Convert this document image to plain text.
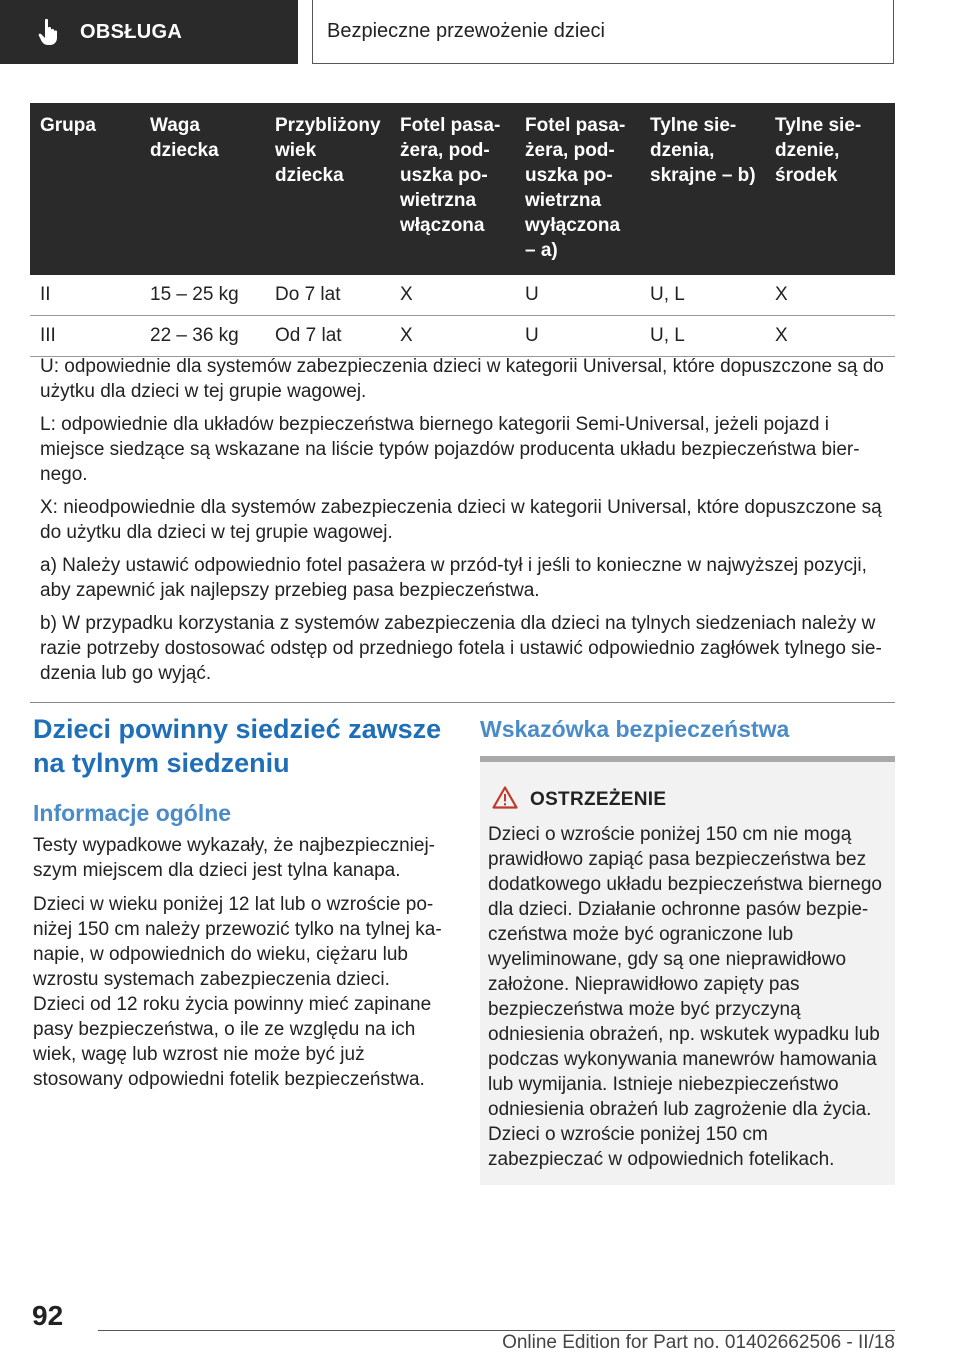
OBSŁUGA	Bezpieczne przewożenie dzieci
Grupa	Waga dziecka	Przybliżony wiek dziecka	Fotel pasażera, poduszka powietrzna włączona	Fotel pasażera, poduszka powietrzna wyłączona – a)	Tylne siedzenia, skrajne – b)	Tylne siedzenie, środek
II	15 – 25 kg	Do 7 lat	X	U	U, L	X
III	22 – 36 kg	Od 7 lat	X	U	U, L	X

U: odpowiednie dla systemów zabezpieczenia dzieci w kategorii Universal, które dopuszczone są do użytku dla dzieci w tej grupie wagowej.

L: odpowiednie dla układów bezpieczeństwa biernego kategorii Semi-Universal, jeżeli pojazd i miejsce siedzące są wskazane na liście typów pojazdów producenta układu bezpieczeństwa biernego.

X: nieodpowiednie dla systemów zabezpieczenia dzieci w kategorii Universal, które dopuszczone są do użytku dla dzieci w tej grupie wagowej.

a) Należy ustawić odpowiednio fotel pasażera w przód-tył i jeśli to konieczne w najwyższej pozycji, aby zapewnić jak najlepszy przebieg pasa bezpieczeństwa.

b) W przypadku korzystania z systemów zabezpieczenia dla dzieci na tylnych siedzeniach należy w razie potrzeby dostosować odstęp od przedniego fotela i ustawić odpowiednio zagłówek tylnego siedzenia lub go wyjąć.

Dzieci powinny siedzieć zawsze na tylnym siedzeniu
Informacje ogólne

Testy wypadkowe wykazały, że najbezpieczniejszym miejscem dla dzieci jest tylna kanapa.

Dzieci w wieku poniżej 12 lat lub o wzroście poniżej 150 cm należy przewozić tylko na tylnej kanapie, w odpowiednich do wieku, ciężaru lub wzrostu systemach zabezpieczenia dzieci. Dzieci od 12 roku życia powinny mieć zapinane pasy bezpieczeństwa, o ile ze względu na ich wiek, wagę lub wzrost nie może być już stosowany odpowiedni fotelik bezpieczeństwa.

Wskazówka bezpieczeństwa
OSTRZEŻENIE

Dzieci o wzroście poniżej 150 cm nie mogą prawidłowo zapiąć pasa bezpieczeństwa bez dodatkowego układu bezpieczeństwa biernego dla dzieci. Działanie ochronne pasów bezpieczeństwa może być ograniczone lub wyeliminowane, gdy są one nieprawidłowo założone. Nieprawidłowo zapięty pas bezpieczeństwa może być przyczyną odniesienia obrażeń, np. wskutek wypadku lub podczas wykonywania manewrów hamowania lub wymijania. Istnieje niebezpieczeństwo odniesienia obrażeń lub zagrożenie dla życia. Dzieci o wzroście poniżej 150 cm zabezpieczać w odpowiednich fotelikach.

92
Online Edition for Part no. 01402662506 - II/18
